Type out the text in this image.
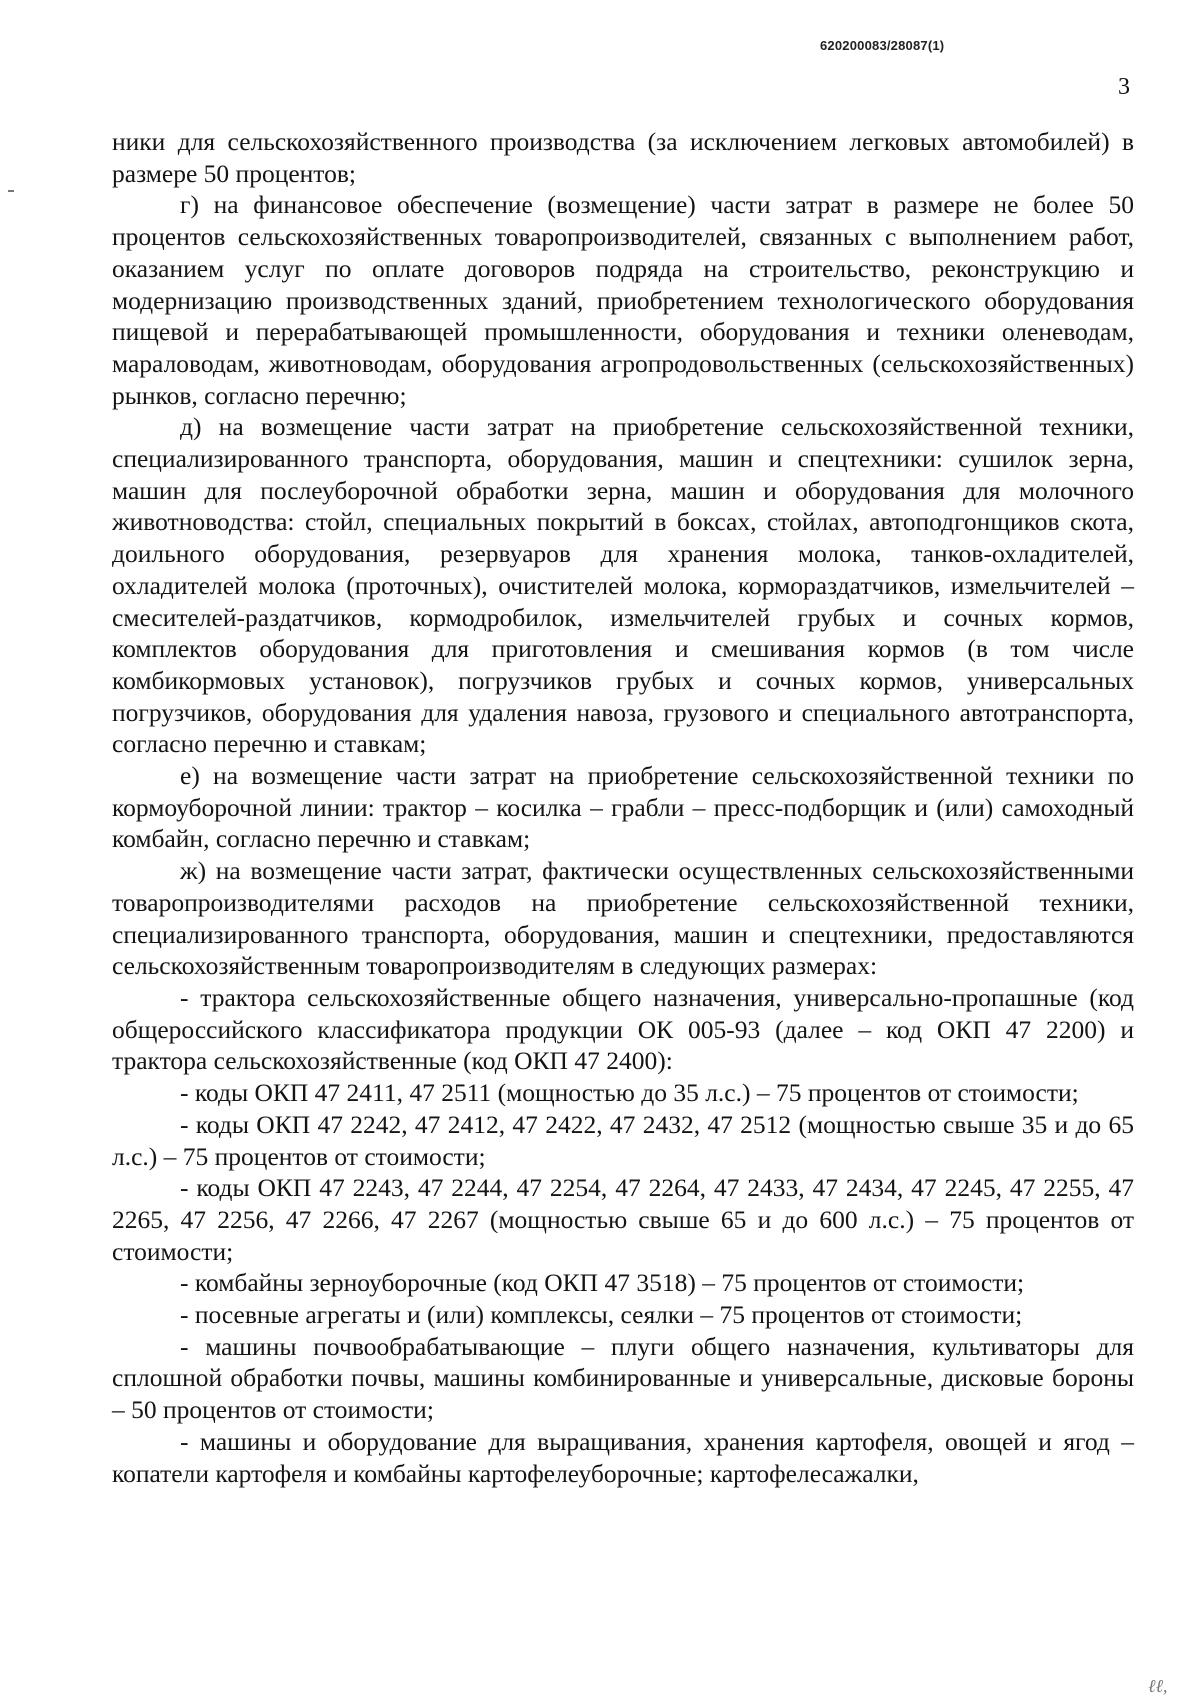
620200083/28087(1)
3

ники для сельскохозяйственного производства (за исключением легковых автомобилей) в размере 50 процентов;

г) на финансовое обеспечение (возмещение) части затрат в размере не более 50 процентов сельскохозяйственных товаропроизводителей, связанных с выполнением работ, оказанием услуг по оплате договоров подряда на строительство, реконструкцию и модернизацию производственных зданий, приобретением технологического оборудования пищевой и перерабатывающей промышленности, оборудования и техники оленеводам, мараловодам, животноводам, оборудования агропродовольственных (сельскохозяйственных) рынков, согласно перечню;

д) на возмещение части затрат на приобретение сельскохозяйственной техники, специализированного транспорта, оборудования, машин и спецтехники: сушилок зерна, машин для послеуборочной обработки зерна, машин и оборудования для молочного животноводства: стойл, специальных покрытий в боксах, стойлах, автоподгонщиков скота, доильного оборудования, резервуаров для хранения молока, танков-охладителей, охладителей молока (проточных), очистителей молока, кормораздатчиков, измельчителей – смесителей-раздатчиков, кормодробилок, измельчителей грубых и сочных кормов, комплектов оборудования для приготовления и смешивания кормов (в том числе комбикормовых установок), погрузчиков грубых и сочных кормов, универсальных погрузчиков, оборудования для удаления навоза, грузового и специального автотранспорта, согласно перечню и ставкам;

е) на возмещение части затрат на приобретение сельскохозяйственной техники по кормоуборочной линии: трактор – косилка – грабли – пресс-подборщик и (или) самоходный комбайн, согласно перечню и ставкам;

ж) на возмещение части затрат, фактически осуществленных сельскохозяйственными товаропроизводителями расходов на приобретение сельскохозяйственной техники, специализированного транспорта, оборудования, машин и спецтехники, предоставляются сельскохозяйственным товаропроизводителям в следующих размерах:

- трактора сельскохозяйственные общего назначения, универсально-пропашные (код общероссийского классификатора продукции ОК 005-93 (далее – код ОКП 47 2200) и трактора сельскохозяйственные (код ОКП 47 2400):

- коды ОКП 47 2411, 47 2511 (мощностью до 35 л.с.) – 75 процентов от стоимости;

- коды ОКП 47 2242, 47 2412, 47 2422, 47 2432, 47 2512 (мощностью свыше 35 и до 65 л.с.) – 75 процентов от стоимости;

- коды ОКП 47 2243, 47 2244, 47 2254, 47 2264, 47 2433, 47 2434, 47 2245, 47 2255, 47 2265, 47 2256, 47 2266, 47 2267 (мощностью свыше 65 и до 600 л.с.) – 75 процентов от стоимости;

- комбайны зерноуборочные (код ОКП 47 3518) – 75 процентов от стоимости;

- посевные агрегаты и (или) комплексы, сеялки – 75 процентов от стоимости;

- машины почвообрабатывающие – плуги общего назначения, культиваторы для сплошной обработки почвы, машины комбинированные и универсальные, дисковые бороны – 50 процентов от стоимости;

- машины и оборудование для выращивания, хранения картофеля, овощей и ягод – копатели картофеля и комбайны картофелеуборочные; картофелесажалки,

ℓℓ,
